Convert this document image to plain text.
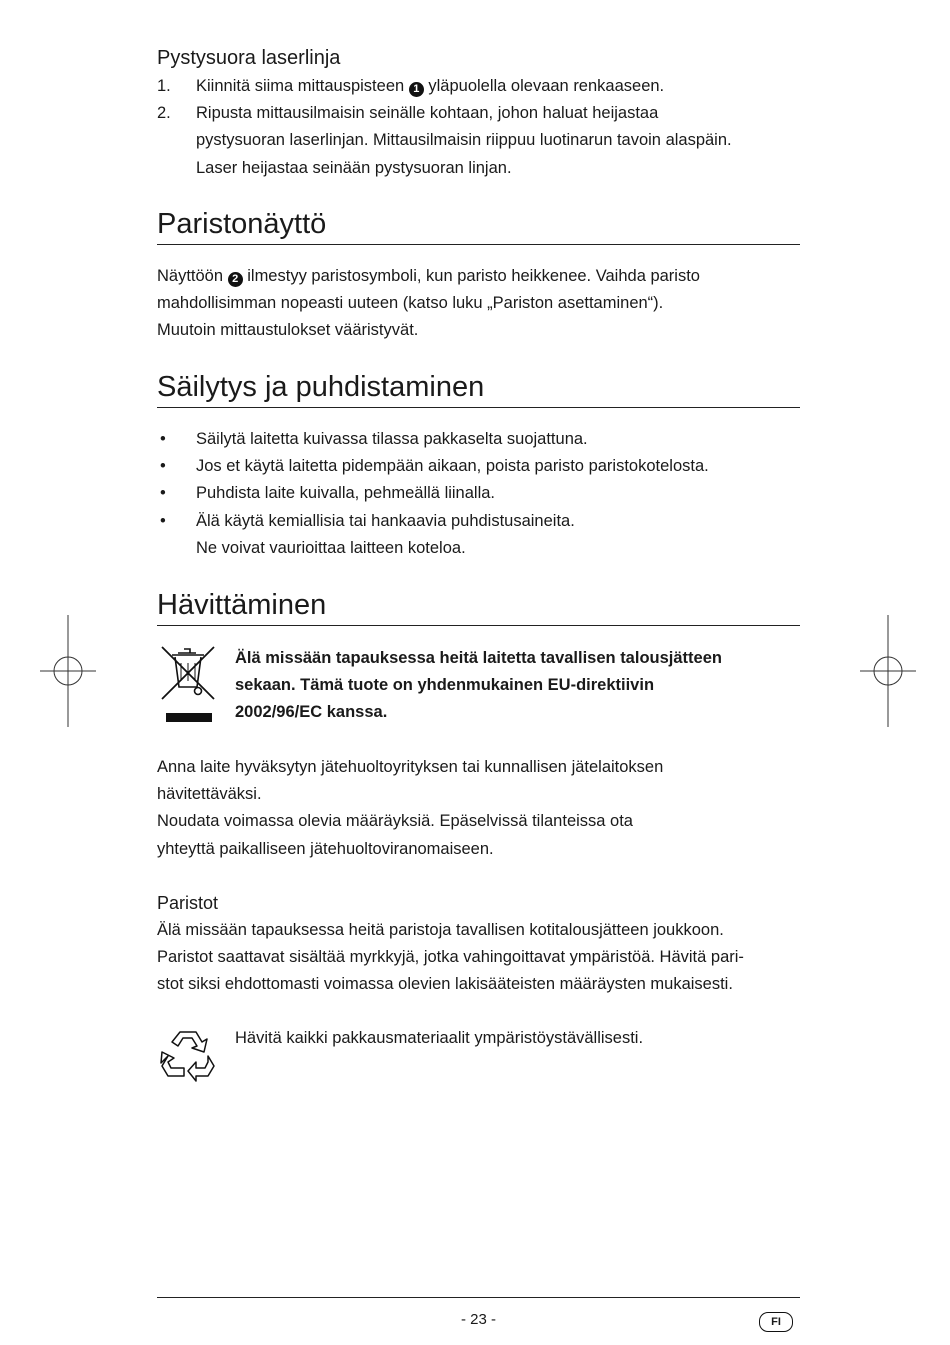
Pystysuora laserlinja
1.	Kiinnitä siima mittauspisteen 1 yläpuolella olevaan renkaaseen.
2. Ripusta mittausilmaisin seinälle kohtaan, johon haluat heijastaa
pystysuoran laserlinjan. Mittausilmaisin riippuu luotinarun tavoin alaspäin.
Laser heijastaa seinään pystysuoran linjan.
Paristonäyttö
Näyttöön 2 ilmestyy paristosymboli, kun paristo heikkenee. Vaihda paristo
mahdollisimman nopeasti uuteen (katso luku „Pariston asettaminen“).
Muutoin mittaustulokset vääristyvät.
Säilytys ja puhdistaminen
•	Säilytä laitetta kuivassa tilassa pakkaselta suojattuna.
•	Jos et käytä laitetta pidempään aikaan, poista paristo paristokotelosta.
•	Puhdista laite kuivalla, pehmeällä liinalla.
• Älä käytä kemiallisia tai hankaavia puhdistusaineita.
Ne voivat vaurioittaa laitteen koteloa.
Hävittäminen
Älä missään tapauksessa heitä laitetta tavallisen talousjätteen
sekaan. Tämä tuote on yhdenmukainen EU-direktiivin
2002/96/EC kanssa.
Anna laite hyväksytyn jätehuoltoyrityksen tai kunnallisen jätelaitoksen
hävitettäväksi.
Noudata voimassa olevia määräyksiä. Epäselvissä tilanteissa ota
yhteyttä paikalliseen jätehuoltoviranomaiseen.
Paristot
Älä missään tapauksessa heitä paristoja tavallisen kotitalousjätteen joukkoon.
Paristot saattavat sisältää myrkkyjä, jotka vahingoittavat ympäristöä. Hävitä pari-
stot siksi ehdottomasti voimassa olevien lakisääteisten määräysten mukaisesti.
Hävitä kaikki pakkausmateriaalit ympäristöystävällisesti.
- 23 -	FI
